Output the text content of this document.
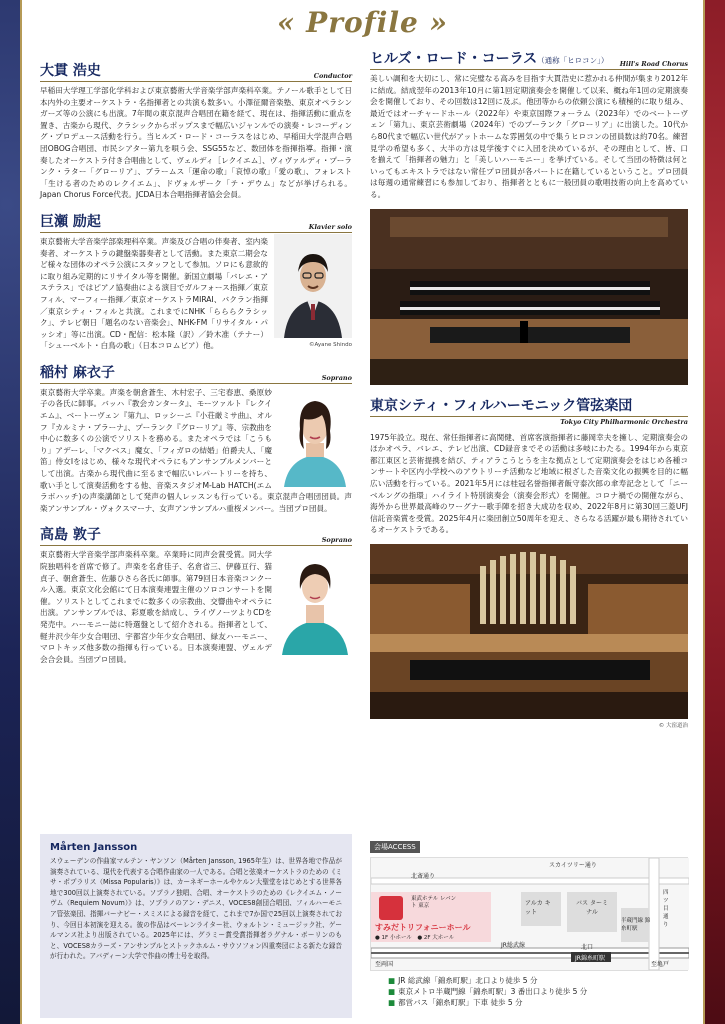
« Profile »
大貫 浩史	Conductor

早稲田大学理工学部化学科および東京藝術大学音楽学部声楽科卒業。テノール歌手として日本内外の主要オーケストラ・名指揮者との共演も数多い。小澤征爾音楽塾、東京オペラシンガーズ等の公演にも出演。7年間の東京混声合唱団在籍を経て、現在は、指揮活動に重点を置き、古楽から現代、クラシックからポップスまで幅広いジャンルでの演奏・レコーディング・プロデュース活動を行う。当ヒルズ・ロード・コーラスをはじめ、早稲田大学混声合唱団OBOG合唱団、市民シアター第九を唄う会、SSG55など、数団体を指揮指導。指揮・演奏したオーケストラ付き合唱曲として、ヴェルディ［レクイエム］、ヴィヴァルディ・プーランク・ラター「グローリア」、ブラームス「運命の歌」「哀悼の歌」「愛の歌」、フォレスト「生ける者のためのレクイエム」、ドヴォルザーク「テ・デウム」などが挙げられる。Japan Chorus Force代表。JCDA日本合唱指揮者協会会員。

巨瀬 励起	Klavier solo
©Ayane Shindo

東京藝術大学音楽学部楽理科卒業。声楽及び合唱の伴奏者、室内楽奏者、オーケストラの鍵盤楽器奏者として活動。また東京二期会など様々な団体のオペラ公演にスタッフとして参加。ソロにも意欲的に取り組み定期的にリサイタル等を開催。新国立劇場「バレエ・アステラス」ではピアノ協奏曲による演目でガルフォース指揮／東京フィル、マーフィー指揮／東京オーケストラMIRAI、バクラン指揮／東京シティ・フィルと共演。これまでにNHK「らららクラシック」、テレビ朝日「題名のない音楽会」、NHK-FM「リサイタル・パッシオ」等に出演。CD・配信：松本隆（訳）／鈴木准（テナー）「シューベルト・白鳥の歌」（日本コロムビア）他。

稲村 麻衣子	Soprano

東京藝術大学卒業。声楽を朝倉蒼生、木村宏子、三宅春恵、桑原妙子の各氏に師事。バッハ『教会カンタータ』、モーツァルト『レクイエム』、ベートーヴェン『第九』、ロッシーニ『小荘厳ミサ曲』、オルフ『カルミナ・ブラーナ』、プーランク『グローリア』等、宗教曲を中心に数多くの公演でソリストを務める。またオペラでは「こうもり」アデーレ、「マクベス」魔女、「フィガロの結婚」伯爵夫人、「魔笛」侍女Ⅰをはじめ、様々な現代オペラにもアンサンブルメンバーとして出演。古楽から現代曲に至るまで幅広いレパートリーを持ち、歌い手として演奏活動をする他、音楽スタジオM-Lab HATCH(エムラボハッチ)の声楽講師として発声の個人レッスンも行っている。東京混声合唱団団員。声楽アンサンブル・ヴォクスマーナ、女声アンサンブルハ重桜メンバー。当団プロ団員。

高島 敦子	Soprano

東京藝術大学音楽学部声楽科卒業。卒業時に同声会賞受賞。同大学院独唱科を首席で修了。声楽を名倉佳子、名倉省三、伊藤亘行、猫貞子、朝倉蒼生、佐藤ひさら各氏に師事。第79回日本音楽コンクール入選。東京文化会館にて日本演奏連盟主催のソロコンサートを開催。ソリストとしてこれまでに数多くの宗教曲、交響曲やオペラに出演。アンサンブルでは、彩夏歌を結成し、ライヴノーツよりCDを発売中。ハーモニー誌に特選盤として紹介される。指揮者として、軽井沢少年少女合唱団、宇都宮少年少女合唱団、緑友ハーモニー、マロトキッズ他多数の指揮も行っている。日本演奏連盟、ヴェルデ会合会員。当団プロ団員。

ヒルズ・ロード・コーラス（通称「ヒロコン」） Hill's Road Chorus

美しい調和を大切にし、常に完璧なる高みを目指す大貫浩史に惹かれる仲間が集まり2012年に結成。結成翌年の2013年10月に第1回定期演奏会を開催して以来、概ね年1回の定期演奏会を開催しており、その回数は12回に及ぶ。他団等からの依頼公演にも積極的に取り組み、最近ではオーチャードホール（2022年）や東京国際フォーラム（2023年）でのベートーヴェン「第九」、東京芸術劇場（2024年）でのプーランク「グローリア」に出演した。10代から80代まで幅広い世代がアットホームな雰囲気の中で集うヒロコンの団員数は約70名。練習見学の希望も多く、大半の方は見学後すぐに入団を決めているが、その理由として、皆、口を揃えて「指揮者の魅力」と「美しいハーモニー」を挙げている。そして当団の特徴は何といってもエキストラではない常任プロ団員が各パートに在籍しているということ。プロ団員は毎週の通常練習にも参加しており、指揮者とともに一般団員の歌唱技術の向上を高めている。

東京シティ・フィルハーモニック管弦楽団
Tokyo City Philharmonic Orchestra

1975年設立。現在、常任指揮者に高関健、首席客演指揮者に藤岡幸夫を擁し、定期演奏会のほかオペラ、バレエ、テレビ出演、CD録音までその活動は多岐にわたる。1994年から東京都江東区と芸術提携を結び、ティアラこうとうを主な拠点として定期演奏会をはじめ各種コンサートや区内小学校へのアウトリーチ活動など地域に根ざした音楽文化の振興を目的に幅広い活動を行っている。2021年5月には桂冠名誉指揮者飯守泰次郎の傘寿記念として「ニーベルングの指環」ハイライト特別演奏会（演奏会形式）を開催。コロナ禍での開催ながら、海外から世界最高峰のワーグナー歌手陣を招き大成功を収め、2022年8月に第30回三菱UFJ信託音楽賞を受賞。2025年4月に楽団創立50周年を迎え、さらなる活躍が最も期待されているオーケストラである。

© 大窪道治
Mårten Jansson

スウェーデンの作曲家マルテン・ヤンソン（Mårten Jansson, 1965年生）は、世界各地で作品が演奏されている、現代を代表する合唱作曲家の一人である。合唱と弦楽オーケストラのための《ミサ・ポプラリス（Missa Popularis）》は、カーネギーホールやケルン大聖堂をはじめとする世界各地で300回以上演奏されている。ソプラノ独唱、合唱、オーケストラのための《レクイエム・ノーヴム（Requiem Novum）》は、ソプラノのアン・デニス、VOCES8創団合唱団、フィルハーモニア管弦楽団、指揮バーナビー・スミスによる録音を経て、これまで7か国で25回以上演奏されており、今回日本初演を迎える。彼の作品はベーレンライター社、ウォルトン・ミュージック社、ゲールマンス社より出版されている。2025年には、グラミー賞受賞指揮者ラグナル・ボーリンのもと、VOCES8カラーズ・アンサンブルとストックホルム・サウソフォン四重奏団による新たな録音が行われた。アバディーン大学で作曲の博士号を取得。

会場ACCESS
スカイツリー通り
北斎通り
東武ホテル レバント 東京
すみだトリフォニーホール
● 1F 小ホール　● 2F 大ホール
アルカ キット
バス ターミナル
半蔵門線 錦糸町駅
四ツ目通り
JR総武線	北口
JR錦糸町駅
至両国	至亀戸
■ JR 総武線「錦糸町駅」北口より徒歩 5 分
■ 東京メトロ半蔵門線「錦糸町駅」3 番出口より徒歩 5 分
■ 都営バス「錦糸町駅」下車 徒歩 5 分
